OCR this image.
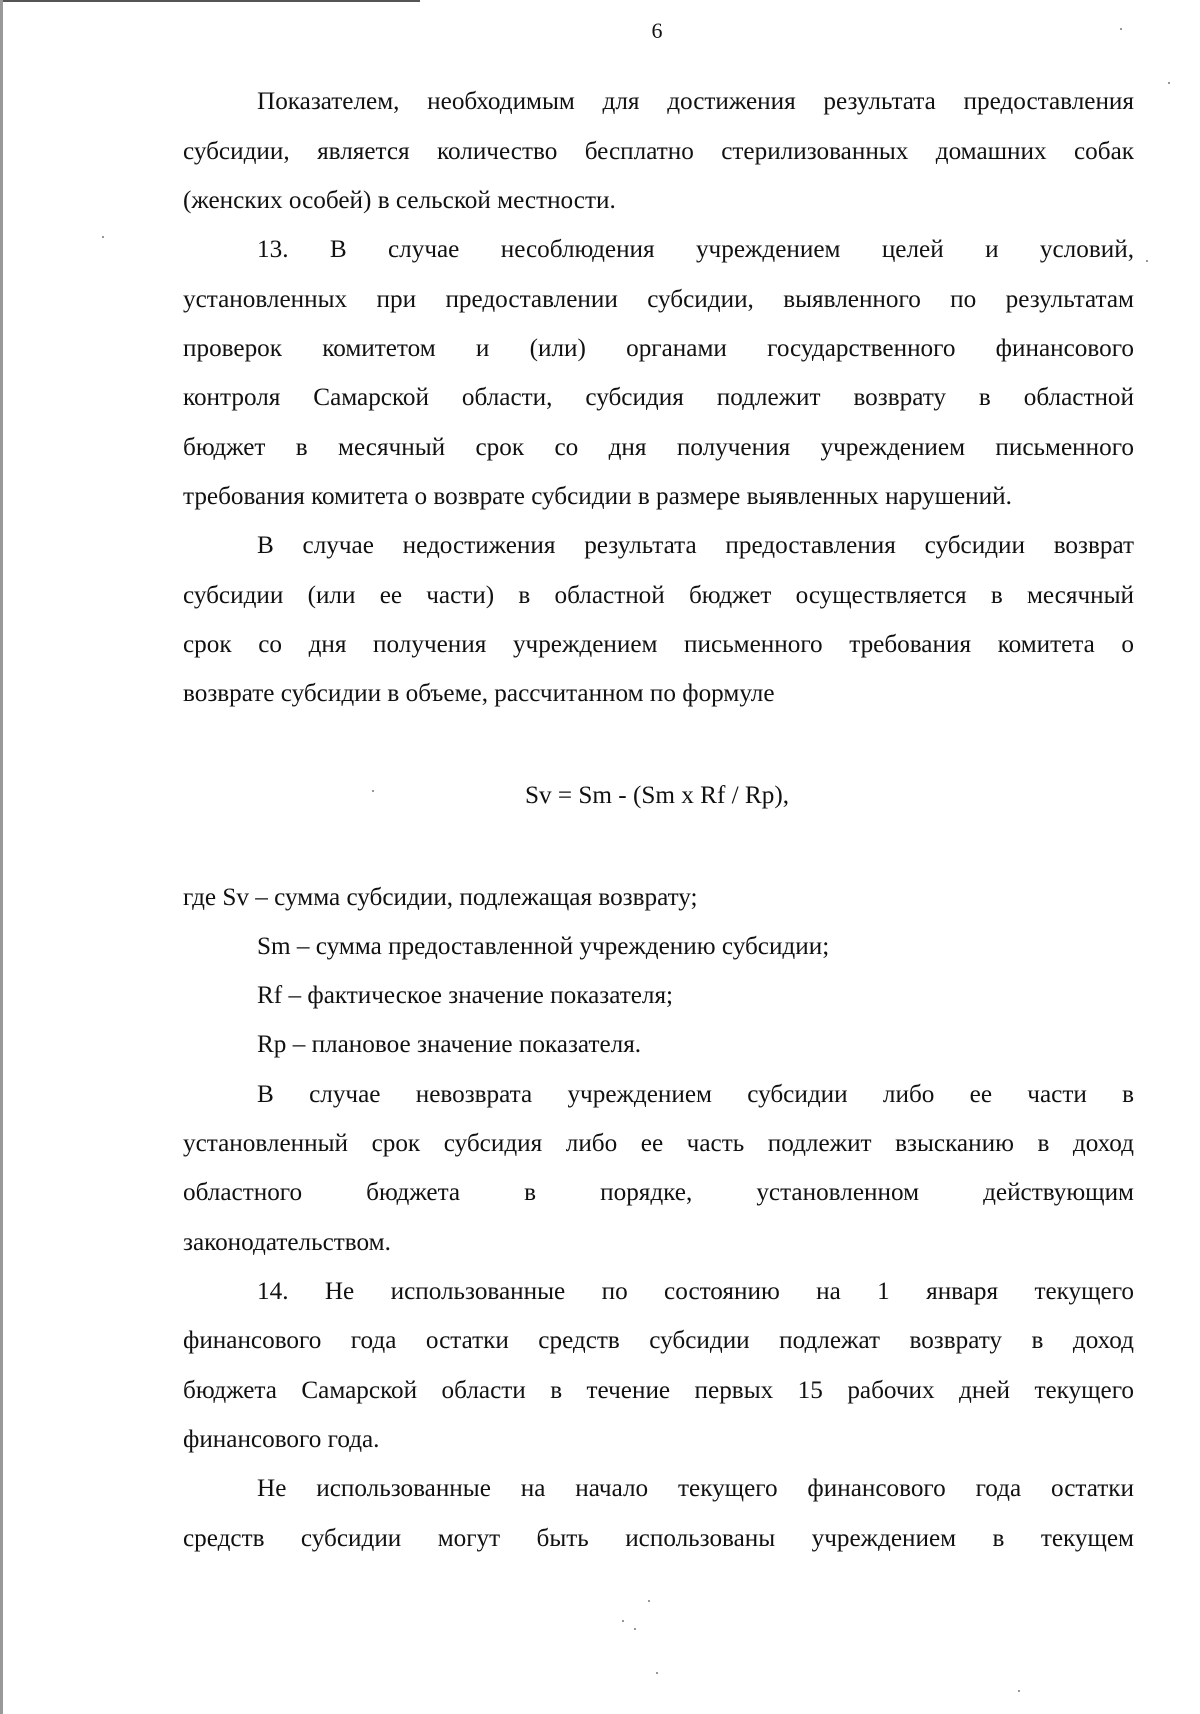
6
Показателем, необходимым для достижения результата предоставления
субсидии, является количество бесплатно стерилизованных домашних собак
(женских особей) в сельской местности.
13. В случае несоблюдения учреждением целей и условий,
установленных при предоставлении субсидии, выявленного по результатам
проверок комитетом и (или) органами государственного финансового
контроля Самарской области, субсидия подлежит возврату в областной
бюджет в месячный срок со дня получения учреждением письменного
требования комитета о возврате субсидии в размере выявленных нарушений.
В случае недостижения результата предоставления субсидии возврат
субсидии (или ее части) в областной бюджет осуществляется в месячный
срок со дня получения учреждением письменного требования комитета о
возврате субсидии в объеме, рассчитанном по формуле
Sv = Sm - (Sm x Rf / Rp),
где Sv – сумма субсидии, подлежащая возврату;
Sm – сумма предоставленной учреждению субсидии;
Rf – фактическое значение показателя;
Rp – плановое значение показателя.
В случае невозврата учреждением субсидии либо ее части в
установленный срок субсидия либо ее часть подлежит взысканию в доход
областного бюджета в порядке, установленном действующим
законодательством.
14. Не использованные по состоянию на 1 января текущего
финансового года остатки средств субсидии подлежат возврату в доход
бюджета Самарской области в течение первых 15 рабочих дней текущего
финансового года.
Не использованные на начало текущего финансового года остатки
средств субсидии могут быть использованы учреждением в текущем
